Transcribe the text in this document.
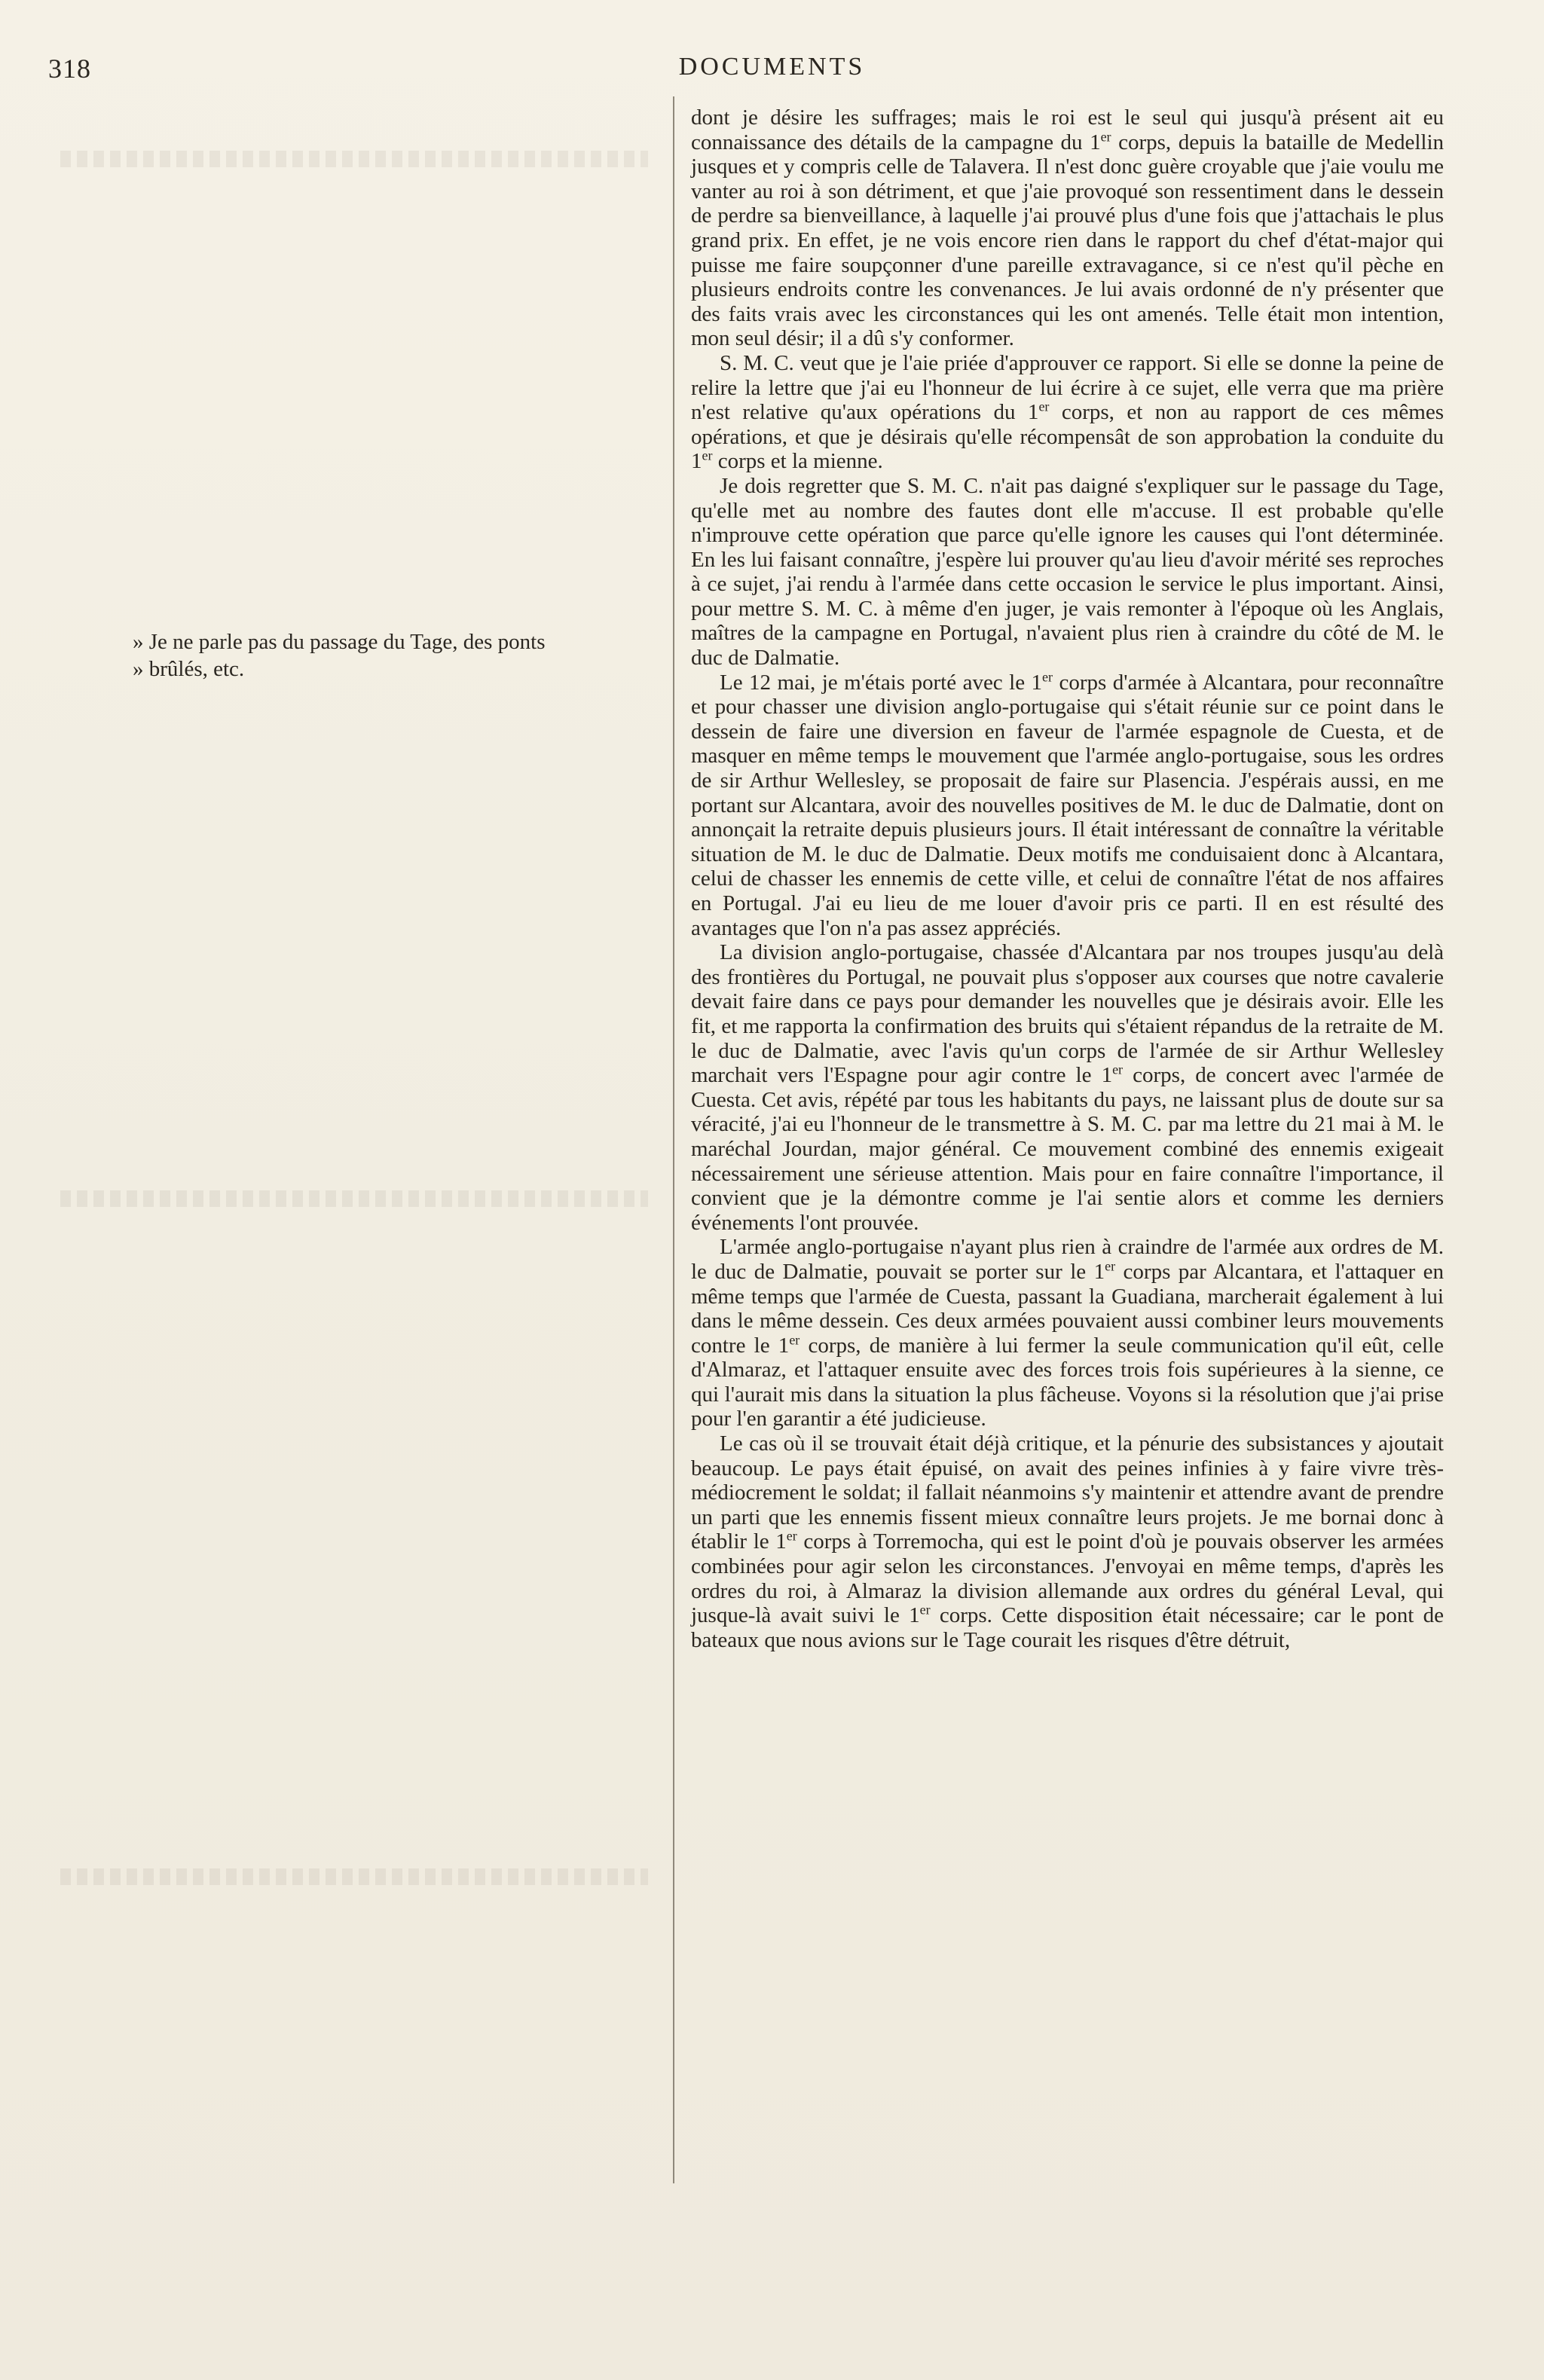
318	DOCUMENTS

» Je ne parle pas du passage du Tage, des ponts

» brûlés, etc.

dont je désire les suffrages; mais le roi est le seul qui jusqu'à présent ait eu connaissance des détails de la campagne du 1er corps, depuis la bataille de Medellin jusques et y compris celle de Talavera. Il n'est donc guère croyable que j'aie voulu me vanter au roi à son détriment, et que j'aie provoqué son ressentiment dans le dessein de perdre sa bienveillance, à laquelle j'ai prouvé plus d'une fois que j'attachais le plus grand prix. En effet, je ne vois encore rien dans le rapport du chef d'état-major qui puisse me faire soupçonner d'une pareille extravagance, si ce n'est qu'il pèche en plusieurs endroits contre les convenances. Je lui avais ordonné de n'y présenter que des faits vrais avec les circonstances qui les ont amenés. Telle était mon intention, mon seul désir; il a dû s'y conformer.

S. M. C. veut que je l'aie priée d'approuver ce rapport. Si elle se donne la peine de relire la lettre que j'ai eu l'honneur de lui écrire à ce sujet, elle verra que ma prière n'est relative qu'aux opérations du 1er corps, et non au rapport de ces mêmes opérations, et que je désirais qu'elle récompensât de son approbation la conduite du 1er corps et la mienne.

Je dois regretter que S. M. C. n'ait pas daigné s'expliquer sur le passage du Tage, qu'elle met au nombre des fautes dont elle m'accuse. Il est probable qu'elle n'improuve cette opération que parce qu'elle ignore les causes qui l'ont déterminée. En les lui faisant connaître, j'espère lui prouver qu'au lieu d'avoir mérité ses reproches à ce sujet, j'ai rendu à l'armée dans cette occasion le service le plus important. Ainsi, pour mettre S. M. C. à même d'en juger, je vais remonter à l'époque où les Anglais, maîtres de la campagne en Portugal, n'avaient plus rien à craindre du côté de M. le duc de Dalmatie.

Le 12 mai, je m'étais porté avec le 1er corps d'armée à Alcantara, pour reconnaître et pour chasser une division anglo-portugaise qui s'était réunie sur ce point dans le dessein de faire une diversion en faveur de l'armée espagnole de Cuesta, et de masquer en même temps le mouvement que l'armée anglo-portugaise, sous les ordres de sir Arthur Wellesley, se proposait de faire sur Plasencia. J'espérais aussi, en me portant sur Alcantara, avoir des nouvelles positives de M. le duc de Dalmatie, dont on annonçait la retraite depuis plusieurs jours. Il était intéressant de connaître la véritable situation de M. le duc de Dalmatie. Deux motifs me conduisaient donc à Alcantara, celui de chasser les ennemis de cette ville, et celui de connaître l'état de nos affaires en Portugal. J'ai eu lieu de me louer d'avoir pris ce parti. Il en est résulté des avantages que l'on n'a pas assez appréciés.

La division anglo-portugaise, chassée d'Alcantara par nos troupes jusqu'au delà des frontières du Portugal, ne pouvait plus s'opposer aux courses que notre cavalerie devait faire dans ce pays pour demander les nouvelles que je désirais avoir. Elle les fit, et me rapporta la confirmation des bruits qui s'étaient répandus de la retraite de M. le duc de Dalmatie, avec l'avis qu'un corps de l'armée de sir Arthur Wellesley marchait vers l'Espagne pour agir contre le 1er corps, de concert avec l'armée de Cuesta. Cet avis, répété par tous les habitants du pays, ne laissant plus de doute sur sa véracité, j'ai eu l'honneur de le transmettre à S. M. C. par ma lettre du 21 mai à M. le maréchal Jourdan, major général. Ce mouvement combiné des ennemis exigeait nécessairement une sérieuse attention. Mais pour en faire connaître l'importance, il convient que je la démontre comme je l'ai sentie alors et comme les derniers événements l'ont prouvée.

L'armée anglo-portugaise n'ayant plus rien à craindre de l'armée aux ordres de M. le duc de Dalmatie, pouvait se porter sur le 1er corps par Alcantara, et l'attaquer en même temps que l'armée de Cuesta, passant la Guadiana, marcherait également à lui dans le même dessein. Ces deux armées pouvaient aussi combiner leurs mouvements contre le 1er corps, de manière à lui fermer la seule communication qu'il eût, celle d'Almaraz, et l'attaquer ensuite avec des forces trois fois supérieures à la sienne, ce qui l'aurait mis dans la situation la plus fâcheuse. Voyons si la résolution que j'ai prise pour l'en garantir a été judicieuse.

Le cas où il se trouvait était déjà critique, et la pénurie des subsistances y ajoutait beaucoup. Le pays était épuisé, on avait des peines infinies à y faire vivre très-médiocrement le soldat; il fallait néanmoins s'y maintenir et attendre avant de prendre un parti que les ennemis fissent mieux connaître leurs projets. Je me bornai donc à établir le 1er corps à Torremocha, qui est le point d'où je pouvais observer les armées combinées pour agir selon les circonstances. J'envoyai en même temps, d'après les ordres du roi, à Almaraz la division allemande aux ordres du général Leval, qui jusque-là avait suivi le 1er corps. Cette disposition était nécessaire; car le pont de bateaux que nous avions sur le Tage courait les risques d'être détruit,
